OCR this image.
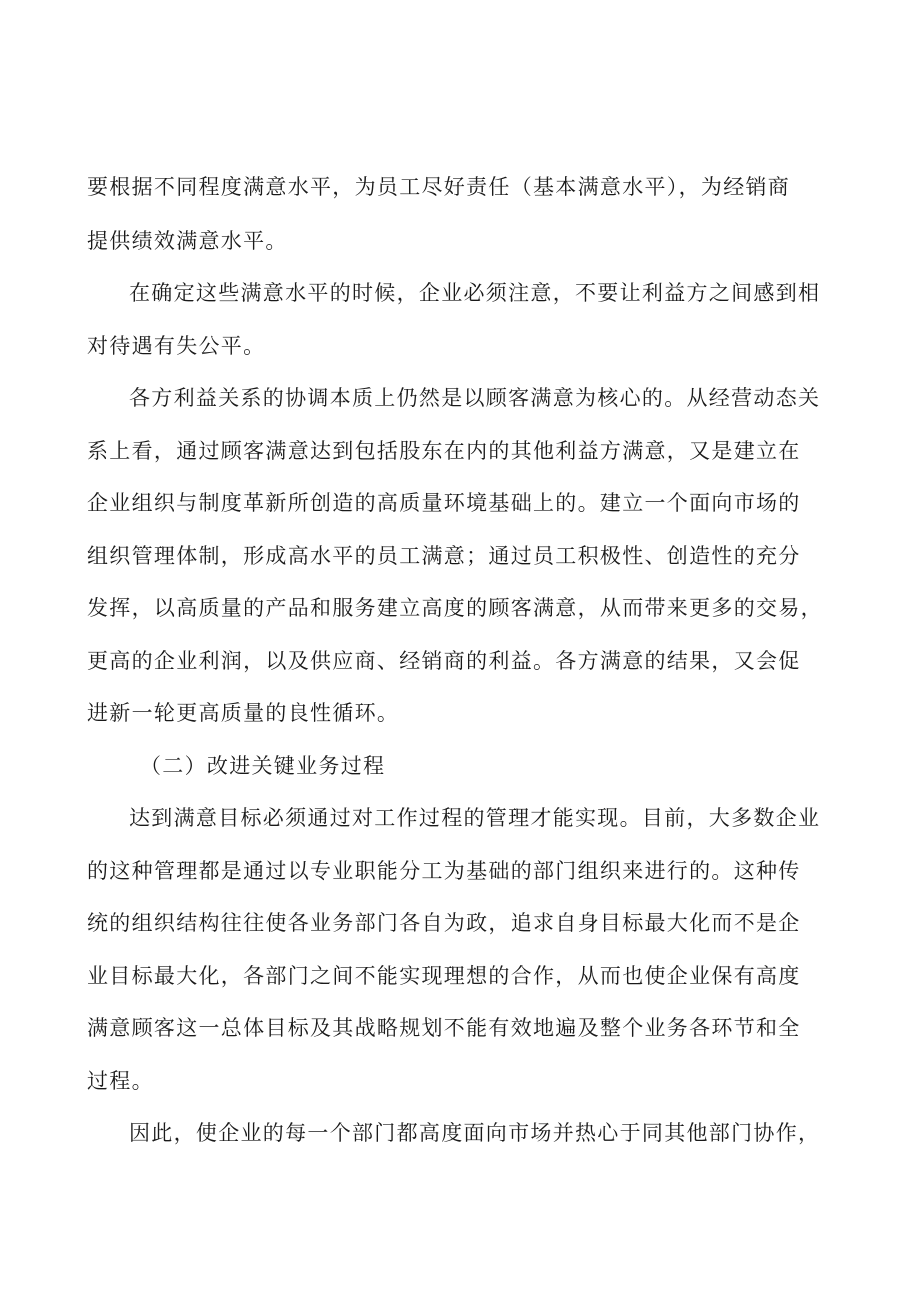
要根据不同程度满意水平，为员工尽好责任（基本满意水平），为经销商
提供绩效满意水平。
在确定这些满意水平的时候，企业必须注意，不要让利益方之间感到相
对待遇有失公平。
各方利益关系的协调本质上仍然是以顾客满意为核心的。从经营动态关
系上看，通过顾客满意达到包括股东在内的其他利益方满意，又是建立在
企业组织与制度革新所创造的高质量环境基础上的。建立一个面向市场的
组织管理体制，形成高水平的员工满意；通过员工积极性、创造性的充分
发挥，以高质量的产品和服务建立高度的顾客满意，从而带来更多的交易，
更高的企业利润，以及供应商、经销商的利益。各方满意的结果，又会促
进新一轮更高质量的良性循环。
（二）改进关键业务过程
达到满意目标必须通过对工作过程的管理才能实现。目前，大多数企业
的这种管理都是通过以专业职能分工为基础的部门组织来进行的。这种传
统的组织结构往往使各业务部门各自为政，追求自身目标最大化而不是企
业目标最大化，各部门之间不能实现理想的合作，从而也使企业保有高度
满意顾客这一总体目标及其战略规划不能有效地遍及整个业务各环节和全
过程。
因此，使企业的每一个部门都高度面向市场并热心于同其他部门协作，
